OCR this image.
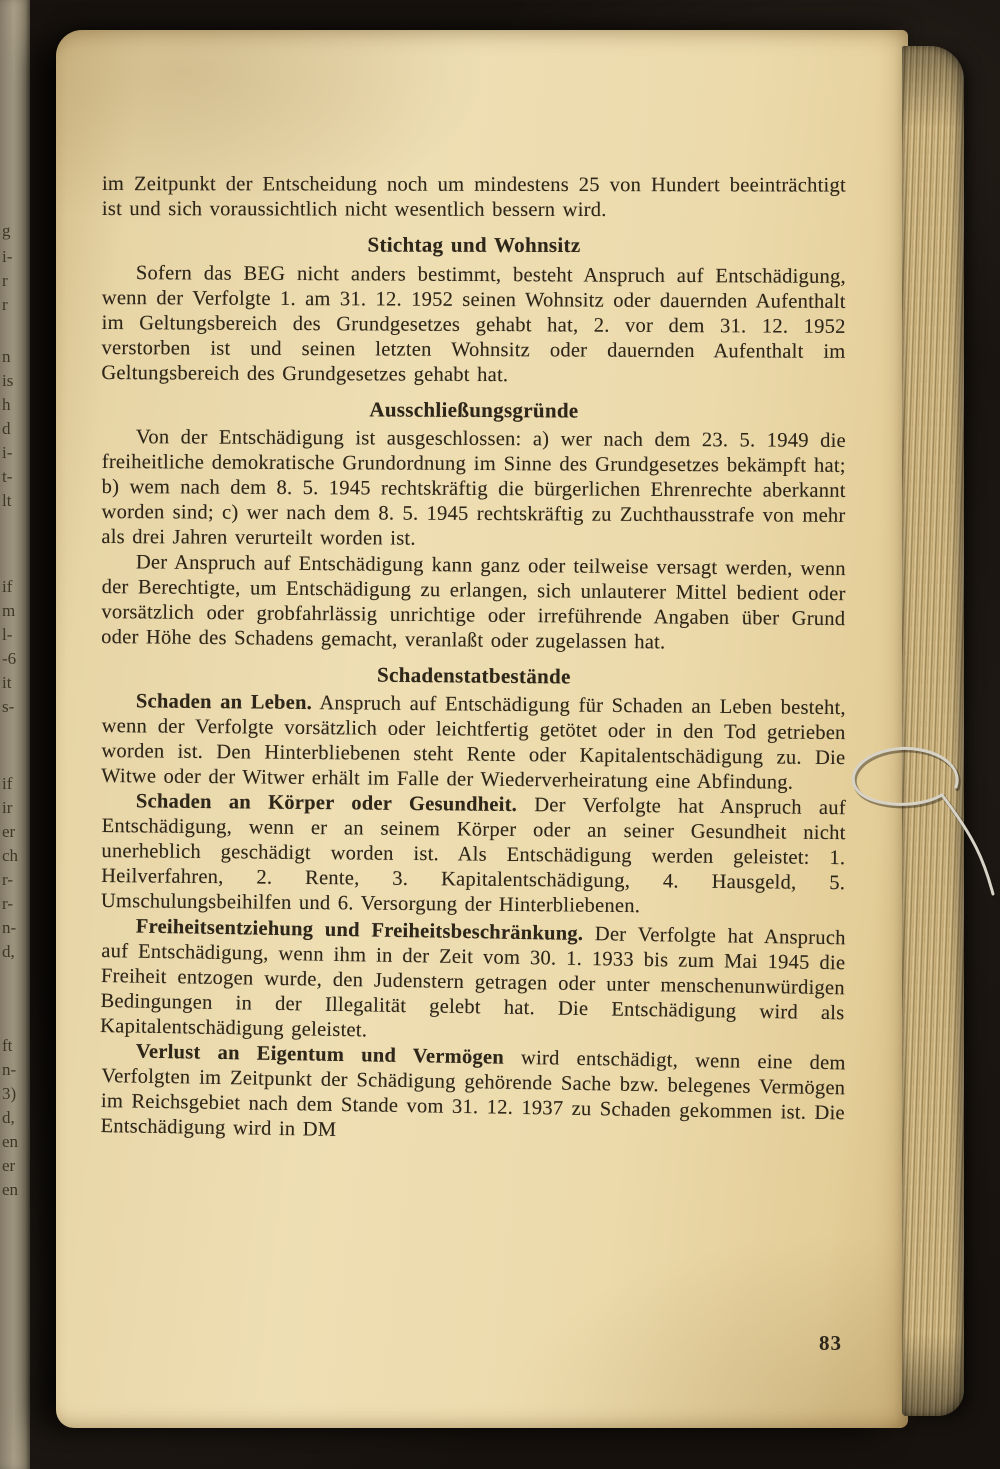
g
i-
r
r
n
is
h
d
i-
t-
lt
if
m
l-
-6
it
s-
if
ir
er
ch
r-
r-
n-
d,
ft
n-
3)
d,
en
er
en

im Zeitpunkt der Entscheidung noch um mindestens 25 von Hundert beeinträchtigt ist und sich voraussichtlich nicht wesentlich bessern wird.

Stichtag und Wohnsitz

Sofern das BEG nicht anders bestimmt, besteht Anspruch auf Entschädigung, wenn der Verfolgte 1. am 31. 12. 1952 seinen Wohnsitz oder dauernden Aufenthalt im Geltungsbereich des Grundgesetzes gehabt hat, 2. vor dem 31. 12. 1952 verstorben ist und seinen letzten Wohnsitz oder dauernden Aufenthalt im Geltungsbereich des Grundgesetzes gehabt hat.

Ausschließungsgründe

Von der Entschädigung ist ausgeschlossen: a) wer nach dem 23. 5. 1949 die freiheitliche demokratische Grundordnung im Sinne des Grundgesetzes bekämpft hat; b) wem nach dem 8. 5. 1945 rechtskräftig die bürgerlichen Ehrenrechte aberkannt worden sind; c) wer nach dem 8. 5. 1945 rechtskräftig zu Zuchthausstrafe von mehr als drei Jahren verurteilt worden ist.

Der Anspruch auf Entschädigung kann ganz oder teilweise versagt werden, wenn der Berechtigte, um Entschädigung zu erlangen, sich unlauterer Mittel bedient oder vorsätzlich oder grobfahrlässig unrichtige oder irreführende Angaben über Grund oder Höhe des Schadens gemacht, veranlaßt oder zugelassen hat.

Schadenstatbestände

Schaden an Leben. Anspruch auf Entschädigung für Schaden an Leben besteht, wenn der Verfolgte vorsätzlich oder leichtfertig getötet oder in den Tod getrieben worden ist. Den Hinterbliebenen steht Rente oder Kapitalentschädigung zu. Die Witwe oder der Witwer erhält im Falle der Wiederverheiratung eine Abfindung.

Schaden an Körper oder Gesundheit. Der Verfolgte hat Anspruch auf Entschädigung, wenn er an seinem Körper oder an seiner Gesundheit nicht unerheblich geschädigt worden ist. Als Entschädigung werden geleistet: 1. Heilverfahren, 2. Rente, 3. Kapitalentschädigung, 4. Hausgeld, 5. Umschulungsbeihilfen und 6. Versorgung der Hinterbliebenen.

Freiheitsentziehung und Freiheitsbeschränkung. Der Verfolgte hat Anspruch auf Entschädigung, wenn ihm in der Zeit vom 30. 1. 1933 bis zum Mai 1945 die Freiheit entzogen wurde, den Judenstern getragen oder unter menschenunwürdigen Bedingungen in der Illegalität gelebt hat. Die Entschädigung wird als Kapitalentschädigung geleistet.

Verlust an Eigentum und Vermögen wird entschädigt, wenn eine dem Verfolgten im Zeitpunkt der Schädigung gehörende Sache bzw. belegenes Vermögen im Reichsgebiet nach dem Stande vom 31. 12. 1937 zu Schaden gekommen ist. Die Entschädigung wird in DM

83
